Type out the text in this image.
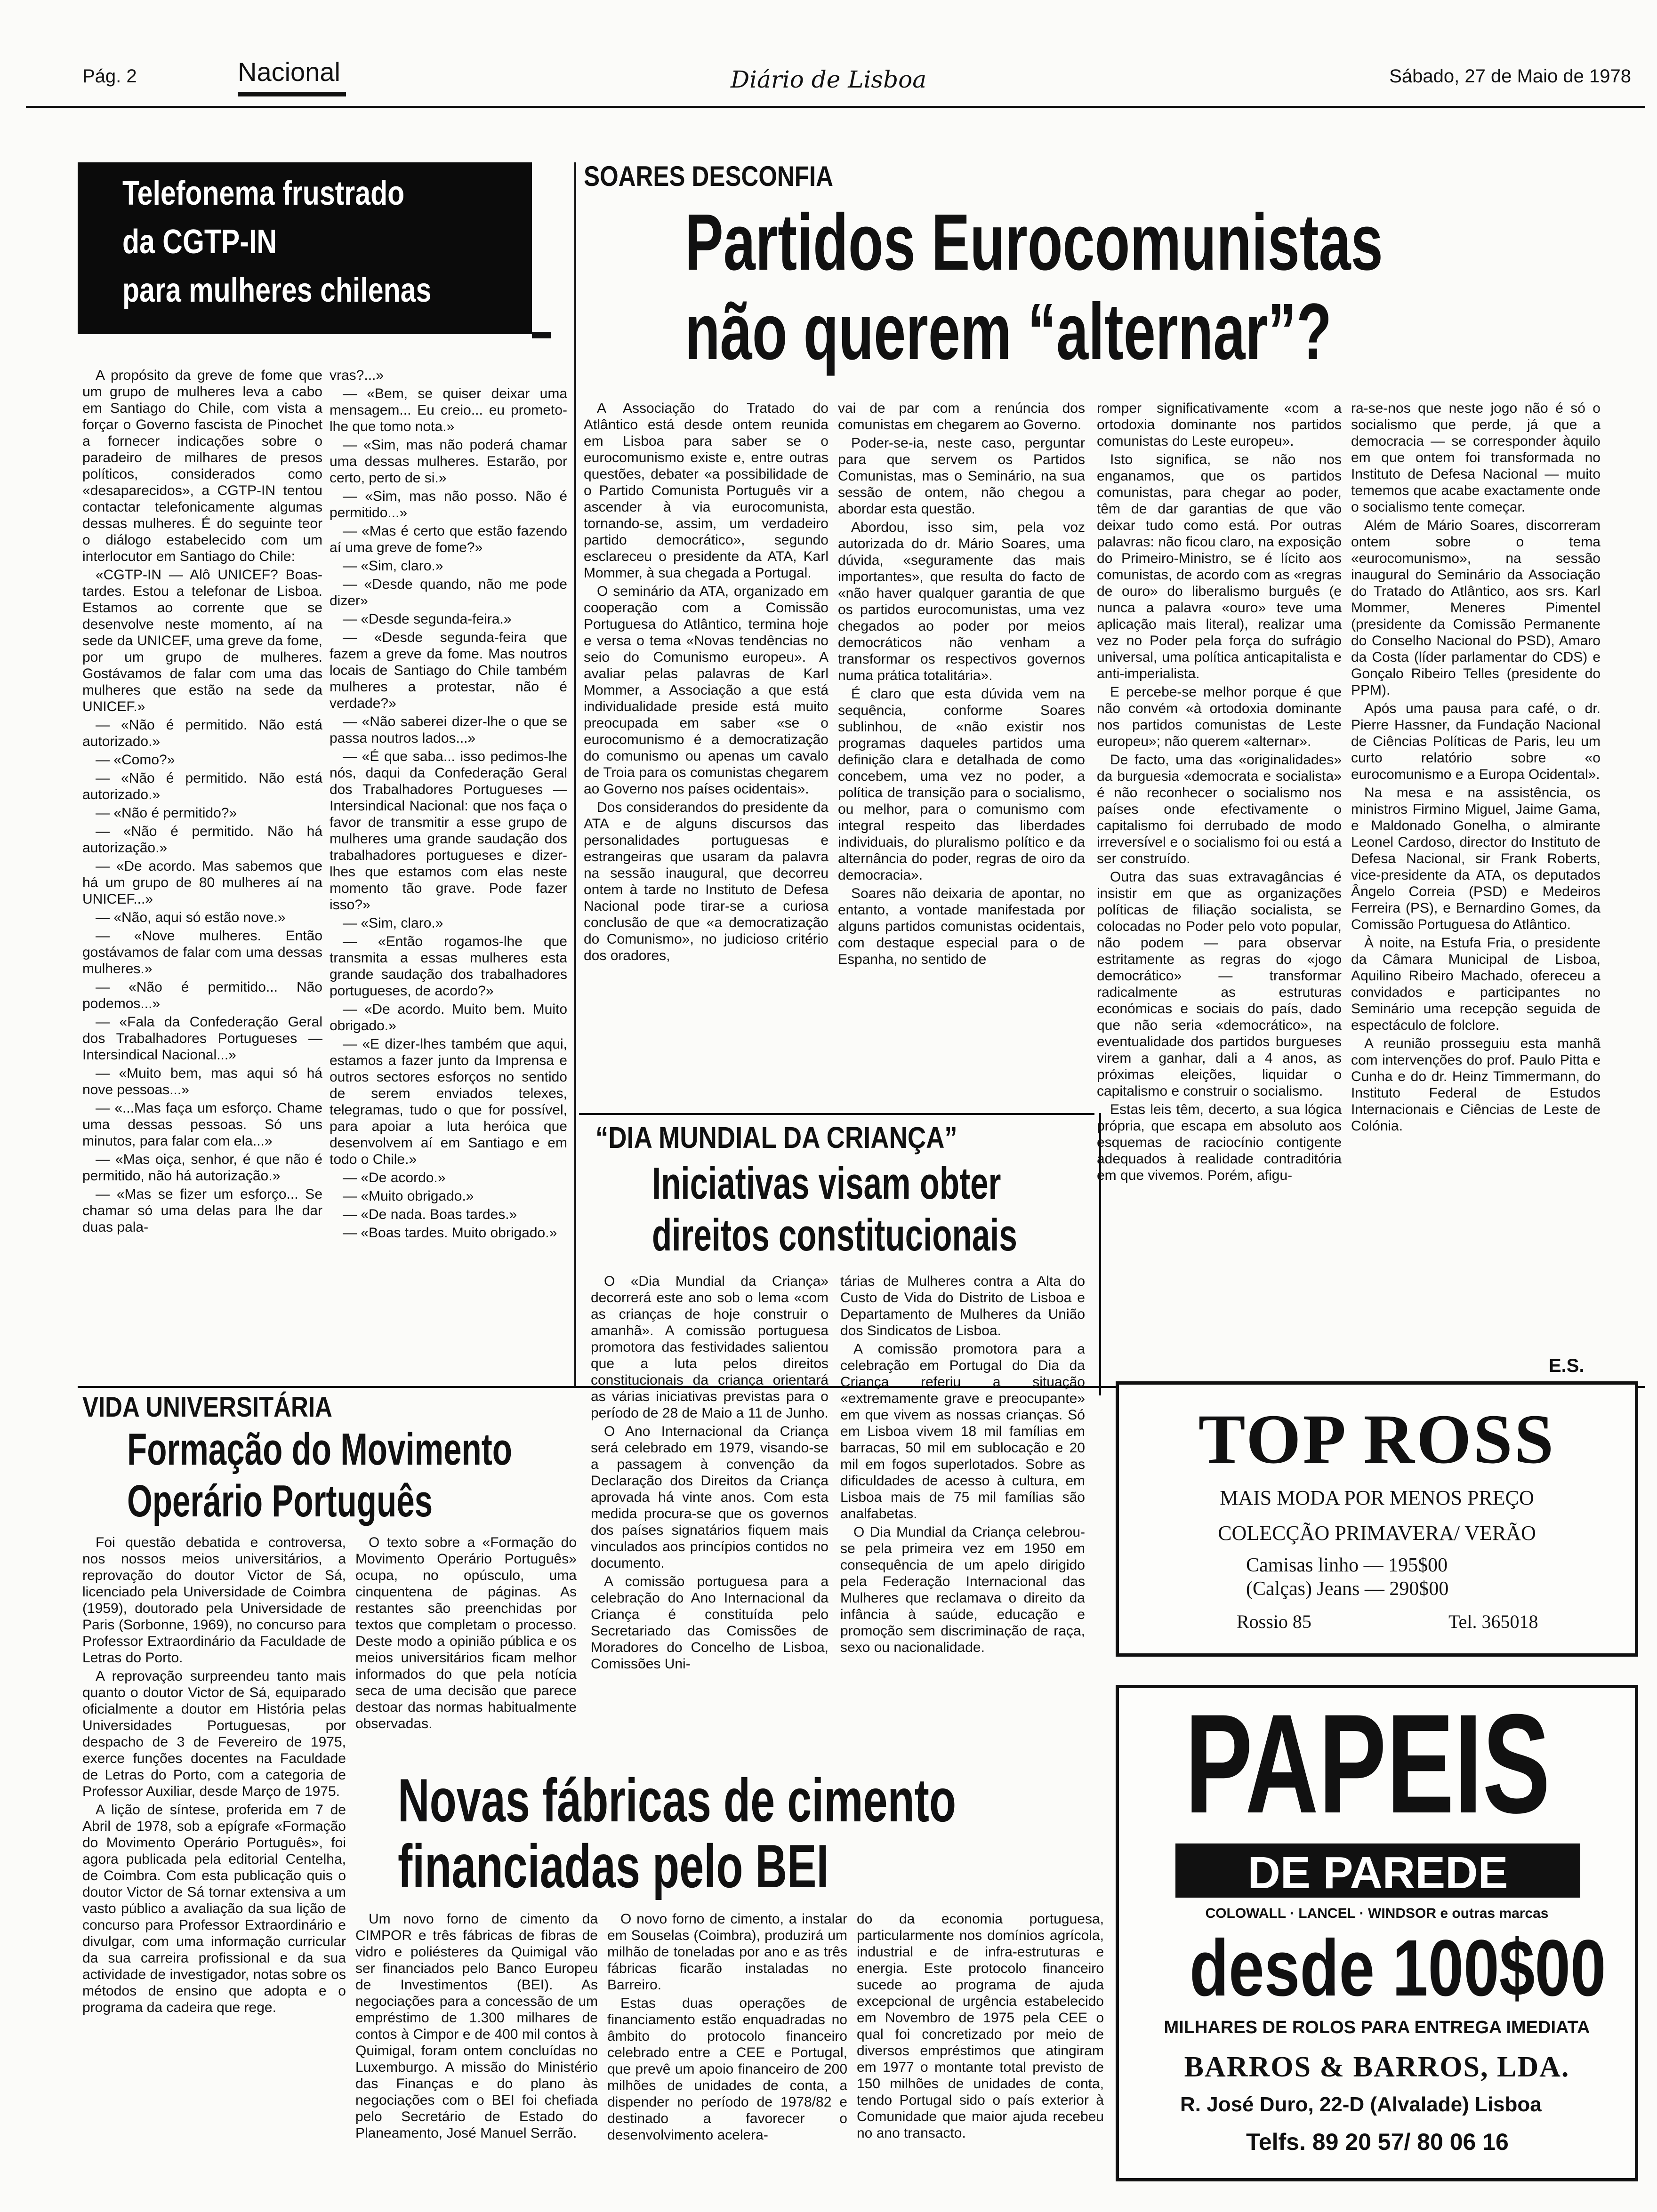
Pág. 2	Nacional	Diário de Lisboa	Sábado, 27 de Maio de 1978
Telefonema frustrado
da CGTP-IN
para mulheres chilenas

A propósito da greve de fome que um grupo de mulheres leva a cabo em Santiago do Chile, com vista a forçar o Governo fascista de Pinochet a fornecer indicações sobre o paradeiro de milhares de presos políticos, considerados como «desaparecidos», a CGTP-IN tentou contactar telefonicamente algumas dessas mulheres. É do seguinte teor o diálogo estabelecido com um interlocutor em Santiago do Chile:

«CGTP-IN — Alô UNICEF? Boas-tardes. Estou a telefonar de Lisboa. Estamos ao corrente que se desenvolve neste momento, aí na sede da UNICEF, uma greve da fome, por um grupo de mulheres. Gostávamos de falar com uma das mulheres que estão na sede da UNICEF.»

— «Não é permitido. Não está autorizado.»

— «Como?»

— «Não é permitido. Não está autorizado.»

— «Não é permitido?»

— «Não é permitido. Não há autorização.»

— «De acordo. Mas sabemos que há um grupo de 80 mulheres aí na UNICEF...»

— «Não, aqui só estão nove.»

— «Nove mulheres. Então gostávamos de falar com uma dessas mulheres.»

— «Não é permitido... Não podemos...»

— «Fala da Confederação Geral dos Trabalhadores Portugueses — Intersindical Nacional...»

— «Muito bem, mas aqui só há nove pessoas...»

— «...Mas faça um esforço. Chame uma dessas pessoas. Só uns minutos, para falar com ela...»

— «Mas oiça, senhor, é que não é permitido, não há autorização.»

— «Mas se fizer um esforço... Se chamar só uma delas para lhe dar duas pala-

vras?...»

— «Bem, se quiser deixar uma mensagem... Eu creio... eu prometo-lhe que tomo nota.»

— «Sim, mas não poderá chamar uma dessas mulheres. Estarão, por certo, perto de si.»

— «Sim, mas não posso. Não é permitido...»

— «Mas é certo que estão fazendo aí uma greve de fome?»

— «Sim, claro.»

— «Desde quando, não me pode dizer»

— «Desde segunda-feira.»

— «Desde segunda-feira que fazem a greve da fome. Mas noutros locais de Santiago do Chile também mulheres a protestar, não é verdade?»

— «Não saberei dizer-lhe o que se passa noutros lados...»

— «É que saba... isso pedimos-lhe nós, daqui da Confederação Geral dos Trabalhadores Portugueses — Intersindical Nacional: que nos faça o favor de transmitir a esse grupo de mulheres uma grande saudação dos trabalhadores portugueses e dizer-lhes que estamos com elas neste momento tão grave. Pode fazer isso?»

— «Sim, claro.»

— «Então rogamos-lhe que transmita a essas mulheres esta grande saudação dos trabalhadores portugueses, de acordo?»

— «De acordo. Muito bem. Muito obrigado.»

— «E dizer-lhes também que aqui, estamos a fazer junto da Imprensa e outros sectores esforços no sentido de serem enviados telexes, telegramas, tudo o que for possível, para apoiar a luta heróica que desenvolvem aí em Santiago e em todo o Chile.»

— «De acordo.»

— «Muito obrigado.»

— «De nada. Boas tardes.»

— «Boas tardes. Muito obrigado.»

SOARES DESCONFIA
Partidos Eurocomunistas
não querem “alternar”?

A Associação do Tratado do Atlântico está desde ontem reunida em Lisboa para saber se o eurocomunismo existe e, entre outras questões, debater «a possibilidade de o Partido Comunista Português vir a ascender à via eurocomunista, tornando-se, assim, um verdadeiro partido democrático», segundo esclareceu o presidente da ATA, Karl Mommer, à sua chegada a Portugal.

O seminário da ATA, organizado em cooperação com a Comissão Portuguesa do Atlântico, termina hoje e versa o tema «Novas tendências no seio do Comunismo europeu». A avaliar pelas palavras de Karl Mommer, a Associação a que está individualidade preside está muito preocupada em saber «se o eurocomunismo é a democratização do comunismo ou apenas um cavalo de Troia para os comunistas chegarem ao Governo nos países ocidentais».

Dos considerandos do presidente da ATA e de alguns discursos das personalidades portuguesas e estrangeiras que usaram da palavra na sessão inaugural, que decorreu ontem à tarde no Instituto de Defesa Nacional pode tirar-se a curiosa conclusão de que «a democratização do Comunismo», no judicioso critério dos oradores,

vai de par com a renúncia dos comunistas em chegarem ao Governo.

Poder-se-ia, neste caso, perguntar para que servem os Partidos Comunistas, mas o Seminário, na sua sessão de ontem, não chegou a abordar esta questão.

Abordou, isso sim, pela voz autorizada do dr. Mário Soares, uma dúvida, «seguramente das mais importantes», que resulta do facto de «não haver qualquer garantia de que os partidos eurocomunistas, uma vez chegados ao poder por meios democráticos não venham a transformar os respectivos governos numa prática totalitária».

É claro que esta dúvida vem na sequência, conforme Soares sublinhou, de «não existir nos programas daqueles partidos uma definição clara e detalhada de como concebem, uma vez no poder, a política de transição para o socialismo, ou melhor, para o comunismo com integral respeito das liberdades individuais, do pluralismo político e da alternância do poder, regras de oiro da democracia».

Soares não deixaria de apontar, no entanto, a vontade manifestada por alguns partidos comunistas ocidentais, com destaque especial para o de Espanha, no sentido de

romper significativamente «com a ortodoxia dominante nos partidos comunistas do Leste europeu».

Isto significa, se não nos enganamos, que os partidos comunistas, para chegar ao poder, têm de dar garantias de que vão deixar tudo como está. Por outras palavras: não ficou claro, na exposição do Primeiro-Ministro, se é lícito aos comunistas, de acordo com as «regras de ouro» do liberalismo burguês (e nunca a palavra «ouro» teve uma aplicação mais literal), realizar uma vez no Poder pela força do sufrágio universal, uma política anticapitalista e anti-imperialista.

E percebe-se melhor porque é que não convém «à ortodoxia dominante nos partidos comunistas de Leste europeu»; não querem «alternar».

De facto, uma das «originalidades» da burguesia «democrata e socialista» é não reconhecer o socialismo nos países onde efectivamente o capitalismo foi derrubado de modo irreversível e o socialismo foi ou está a ser construído.

Outra das suas extravagâncias é insistir em que as organizações políticas de filiação socialista, se colocadas no Poder pelo voto popular, não podem — para observar estritamente as regras do «jogo democrático» — transformar radicalmente as estruturas económicas e sociais do país, dado que não seria «democrático», na eventualidade dos partidos burgueses virem a ganhar, dali a 4 anos, as próximas eleições, liquidar o capitalismo e construir o socialismo.

Estas leis têm, decerto, a sua lógica própria, que escapa em absoluto aos esquemas de raciocínio contigente adequados à realidade contraditória em que vivemos. Porém, afigu-

ra-se-nos que neste jogo não é só o socialismo que perde, já que a democracia — se corresponder àquilo em que ontem foi transformada no Instituto de Defesa Nacional — muito tememos que acabe exactamente onde o socialismo tente começar.

Além de Mário Soares, discorreram ontem sobre o tema «eurocomunismo», na sessão inaugural do Seminário da Associação do Tratado do Atlântico, aos srs. Karl Mommer, Meneres Pimentel (presidente da Comissão Permanente do Conselho Nacional do PSD), Amaro da Costa (líder parlamentar do CDS) e Gonçalo Ribeiro Telles (presidente do PPM).

Após uma pausa para café, o dr. Pierre Hassner, da Fundação Nacional de Ciências Políticas de Paris, leu um curto relatório sobre «o eurocomunismo e a Europa Ocidental».

Na mesa e na assistência, os ministros Firmino Miguel, Jaime Gama, e Maldonado Gonelha, o almirante Leonel Cardoso, director do Instituto de Defesa Nacional, sir Frank Roberts, vice-presidente da ATA, os deputados Ângelo Correia (PSD) e Medeiros Ferreira (PS), e Bernardino Gomes, da Comissão Portuguesa do Atlântico.

À noite, na Estufa Fria, o presidente da Câmara Municipal de Lisboa, Aquilino Ribeiro Machado, ofereceu a convidados e participantes no Seminário uma recepção seguida de espectáculo de folclore.

A reunião prosseguiu esta manhã com intervenções do prof. Paulo Pitta e Cunha e do dr. Heinz Timmermann, do Instituto Federal de Estudos Internacionais e Ciências de Leste de Colónia.

E.S.
“DIA MUNDIAL DA CRIANÇA”
Iniciativas visam obter
direitos constitucionais

O «Dia Mundial da Criança» decorrerá este ano sob o lema «com as crianças de hoje construir o amanhã». A comissão portuguesa promotora das festividades salientou que a luta pelos direitos constitucionais da criança orientará as várias iniciativas previstas para o período de 28 de Maio a 11 de Junho.

O Ano Internacional da Criança será celebrado em 1979, visando-se a passagem à convenção da Declaração dos Direitos da Criança aprovada há vinte anos. Com esta medida procura-se que os governos dos países signatários fiquem mais vinculados aos princípios contidos no documento.

A comissão portuguesa para a celebração do Ano Internacional da Criança é constituída pelo Secretariado das Comissões de Moradores do Concelho de Lisboa, Comissões Uni-

tárias de Mulheres contra a Alta do Custo de Vida do Distrito de Lisboa e Departamento de Mulheres da União dos Sindicatos de Lisboa.

A comissão promotora para a celebração em Portugal do Dia da Criança referiu a situação «extremamente grave e preocupante» em que vivem as nossas crianças. Só em Lisboa vivem 18 mil famílias em barracas, 50 mil em sublocação e 20 mil em fogos superlotados. Sobre as dificuldades de acesso à cultura, em Lisboa mais de 75 mil famílias são analfabetas.

O Dia Mundial da Criança celebrou-se pela primeira vez em 1950 em consequência de um apelo dirigido pela Federação Internacional das Mulheres que reclamava o direito da infância à saúde, educação e promoção sem discriminação de raça, sexo ou nacionalidade.

VIDA UNIVERSITÁRIA
Formação do Movimento
Operário Português

Foi questão debatida e controversa, nos nossos meios universitários, a reprovação do doutor Victor de Sá, licenciado pela Universidade de Coimbra (1959), doutorado pela Universidade de Paris (Sorbonne, 1969), no concurso para Professor Extraordinário da Faculdade de Letras do Porto.

A reprovação surpreendeu tanto mais quanto o doutor Victor de Sá, equiparado oficialmente a doutor em História pelas Universidades Portuguesas, por despacho de 3 de Fevereiro de 1975, exerce funções docentes na Faculdade de Letras do Porto, com a categoria de Professor Auxiliar, desde Março de 1975.

A lição de síntese, proferida em 7 de Abril de 1978, sob a epígrafe «Formação do Movimento Operário Português», foi agora publicada pela editorial Centelha, de Coimbra. Com esta publicação quis o doutor Victor de Sá tornar extensiva a um vasto público a avaliação da sua lição de concurso para Professor Extraordinário e divulgar, com uma informação curricular da sua carreira profissional e da sua actividade de investigador, notas sobre os métodos de ensino que adopta e o programa da cadeira que rege.

O texto sobre a «Formação do Movimento Operário Português» ocupa, no opúsculo, uma cinquentena de páginas. As restantes são preenchidas por textos que completam o processo. Deste modo a opinião pública e os meios universitários ficam melhor informados do que pela notícia seca de uma decisão que parece destoar das normas habitualmente observadas.

Novas fábricas de cimento
financiadas pelo BEI

Um novo forno de cimento da CIMPOR e três fábricas de fibras de vidro e poliésteres da Quimigal vão ser financiados pelo Banco Europeu de Investimentos (BEI). As negociações para a concessão de um empréstimo de 1.300 milhares de contos à Cimpor e de 400 mil contos à Quimigal, foram ontem concluídas no Luxemburgo. A missão do Ministério das Finanças e do plano às negociações com o BEI foi chefiada pelo Secretário de Estado do Planeamento, José Manuel Serrão.

O novo forno de cimento, a instalar em Souselas (Coimbra), produzirá um milhão de toneladas por ano e as três fábricas ficarão instaladas no Barreiro.

Estas duas operações de financiamento estão enquadradas no âmbito do protocolo financeiro celebrado entre a CEE e Portugal, que prevê um apoio financeiro de 200 milhões de unidades de conta, a dispender no período de 1978/82 e destinado a favorecer o desenvolvimento acelera-

do da economia portuguesa, particularmente nos domínios agrícola, industrial e de infra-estruturas e energia. Este protocolo financeiro sucede ao programa de ajuda excepcional de urgência estabelecido em Novembro de 1975 pela CEE o qual foi concretizado por meio de diversos empréstimos que atingiram em 1977 o montante total previsto de 150 milhões de unidades de conta, tendo Portugal sido o país exterior à Comunidade que maior ajuda recebeu no ano transacto.

TOP ROSS
MAIS MODA POR MENOS PREÇO
COLECÇÃO PRIMAVERA/ VERÃO
Camisas linho — 195$00
(Calças) Jeans — 290$00
Rossio 85	Tel. 365018
PAPEIS
DE PAREDE
COLOWALL · LANCEL · WINDSOR e outras marcas
desde 100$00
MILHARES DE ROLOS PARA ENTREGA IMEDIATA
BARROS & BARROS, LDA.
R. José Duro, 22-D (Alvalade) Lisboa
Telfs. 89 20 57/ 80 06 16
